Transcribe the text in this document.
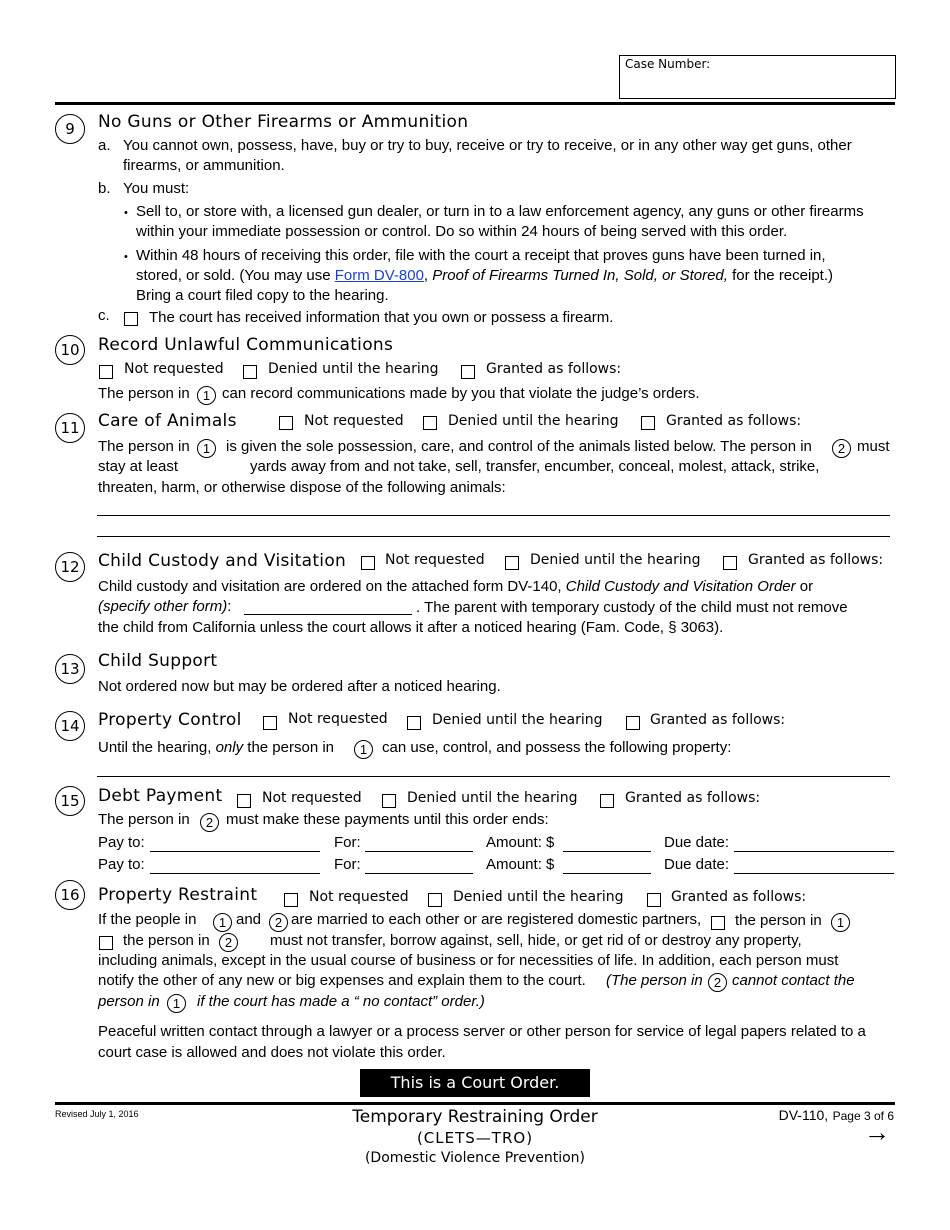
Case Number:
9	No Guns or Other Firearms or Ammunition
a. You cannot own, possess, have, buy or try to buy, receive or try to receive, or in any other way get guns, other
firearms, or ammunition.
b. You must:
• Sell to, or store with, a licensed gun dealer, or turn in to a law enforcement agency, any guns or other firearms
within your immediate possession or control. Do so within 24 hours of being served with this order.
• Within 48 hours of receiving this order, file with the court a receipt that proves guns have been turned in,
stored, or sold. (You may use Form DV-800, Proof of Firearms Turned In, Sold, or Stored, for the receipt.)
Bring a court filed copy to the hearing.
c.	The court has received information that you own or possess a firearm.
10	Record Unlawful Communications
Not requested	Denied until the hearing	Granted as follows:
The person in	1 can record communications made by you that violate the judge’s orders.
11	Care of Animals	Not requested	Denied until the hearing	Granted as follows:
The person in	1	is given the sole possession, care, and control of the animals listed below. The person in	2 must
stay at least	yards away from and not take, sell, transfer, encumber, conceal, molest, attack, strike,
threaten, harm, or otherwise dispose of the following animals:
12	Child Custody and Visitation	Not requested	Denied until the hearing	Granted as follows:
Child custody and visitation are ordered on the attached form DV-140, Child Custody and Visitation Order or
(specify other form):	. The parent with temporary custody of the child must not remove
the child from California unless the court allows it after a noticed hearing (Fam. Code, § 3063).
13	Child Support
Not ordered now but may be ordered after a noticed hearing.
14	Property Control	Not requested	Denied until the hearing	Granted as follows:
Until the hearing, only the person in	1 can use, control, and possess the following property:
15	Debt Payment	Not requested	Denied until the hearing	Granted as follows:
The person in	2 must make these payments until this order ends:
Pay to:	For:	Amount: $	Due date:
Pay to:	For:	Amount: $	Due date:
16	Property Restraint	Not requested	Denied until the hearing	Granted as follows:
If the people in	1 and	2 are married to each other or are registered domestic partners, the person in	1
the person in	2	must not transfer, borrow against, sell, hide, or get rid of or destroy any property,
including animals, except in the usual course of business or for necessities of life. In addition, each person must
notify the other of any new or big expenses and explain them to the court. (The person in 2 cannot contact the
person in	1	if the court has made a “ no contact” order.)
Peaceful written contact through a lawyer or a process server or other person for service of legal papers related to a
court case is allowed and does not violate this order.
This is a Court Order.
Revised July 1, 2016	Temporary Restraining Order
(CLETS—TRO)
(Domestic Violence Prevention)
DV-110, Page 3 of 6
→
